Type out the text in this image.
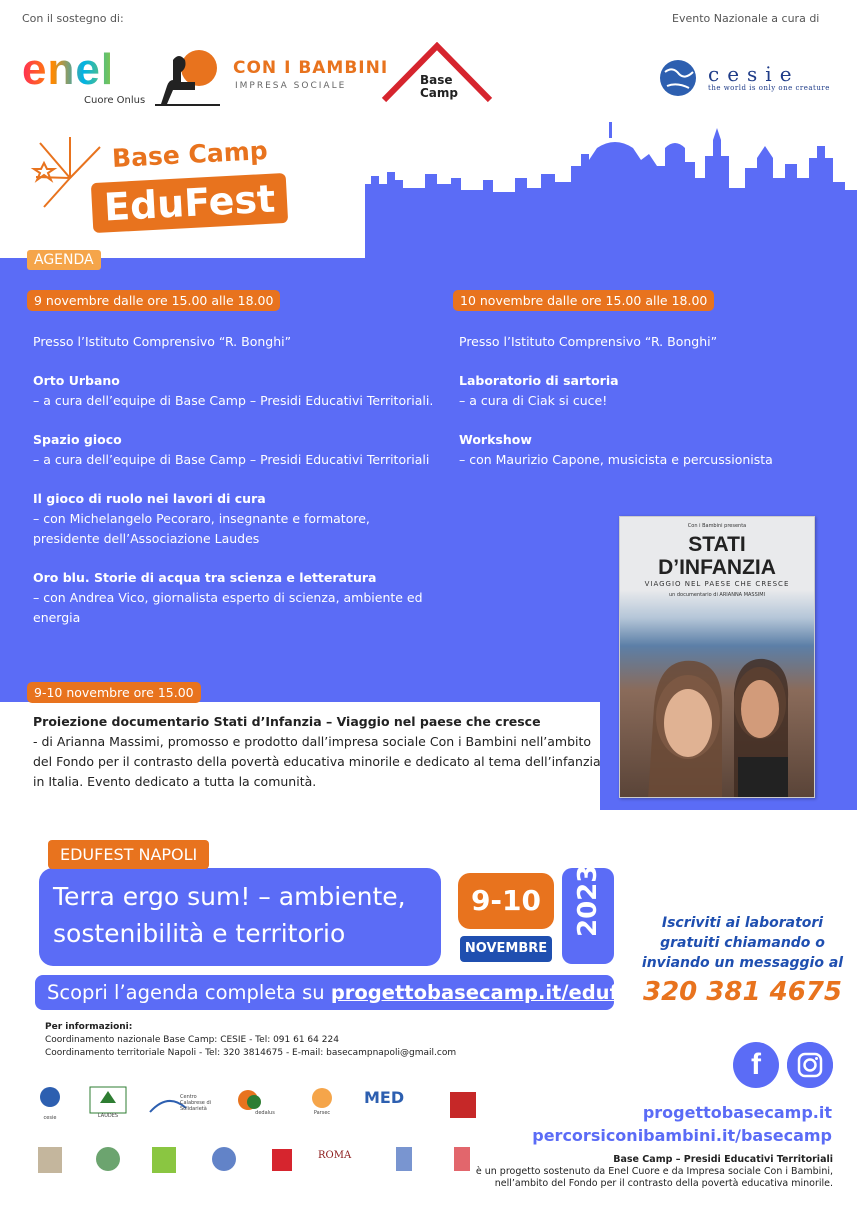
Con il sostegno di:	Evento Nazionale a cura di
enel
Cuore Onlus
CON I BAMBINI
IMPRESA SOCIALE	Base
Camp
cesie
the world is only one creature
Base Camp
EduFest
AGENDA
9 novembre dalle ore 15.00 alle 18.00
Presso l’Istituto Comprensivo “R. Bonghi”
Orto Urbano
– a cura dell’equipe di Base Camp – Presidi Educativi Territoriali.
Spazio gioco
– a cura dell’equipe di Base Camp – Presidi Educativi Territoriali
Il gioco di ruolo nei lavori di cura
– con Michelangelo Pecoraro, insegnante e formatore,
presidente dell’Associazione Laudes
Oro blu. Storie di acqua tra scienza e letteratura
– con Andrea Vico, giornalista esperto di scienza, ambiente ed
energia
10 novembre dalle ore 15.00 alle 18.00
Presso l’Istituto Comprensivo “R. Bonghi”
Laboratorio di sartoria
– a cura di Ciak si cuce!
Workshow
– con Maurizio Capone, musicista e percussionista
Con i Bambini presenta
STATI
D’INFANZIA
VIAGGIO NEL PAESE CHE CRESCE
un documentario di ARIANNA MASSIMI
9-10 novembre ore 15.00
Proiezione documentario Stati d’Infanzia – Viaggio nel paese che cresce
- di Arianna Massimi, promosso e prodotto dall’impresa sociale Con i Bambini nell’ambito
del Fondo per il contrasto della povertà educativa minorile e dedicato al tema dell’infanzia
in Italia. Evento dedicato a tutta la comunità.
Terra ergo sum! – ambiente,
sostenibilità e territorio
EDUFEST NAPOLI
9-10
NOVEMBRE
2023
Scopri l’agenda completa su progettobasecamp.it/edufest
Iscriviti ai laboratori
gratuiti chiamando o
inviando un messaggio al
320 381 4675
Per informazioni:
Coordinamento nazionale Base Camp: CESIE - Tel: 091 61 64 224
Coordinamento territoriale Napoli - Tel: 320 3814675 - E-mail: basecampnapoli@gmail.com	f
cesie	LAUDES
Centro Calabrese di Solidarietà
dedalus	Parsec
MED
ROMA
progettobasecamp.it
percorsiconibambini.it/basecamp
Base Camp – Presidi Educativi Territoriali
è un progetto sostenuto da Enel Cuore e da Impresa sociale Con i Bambini,
nell’ambito del Fondo per il contrasto della povertà educativa minorile.
